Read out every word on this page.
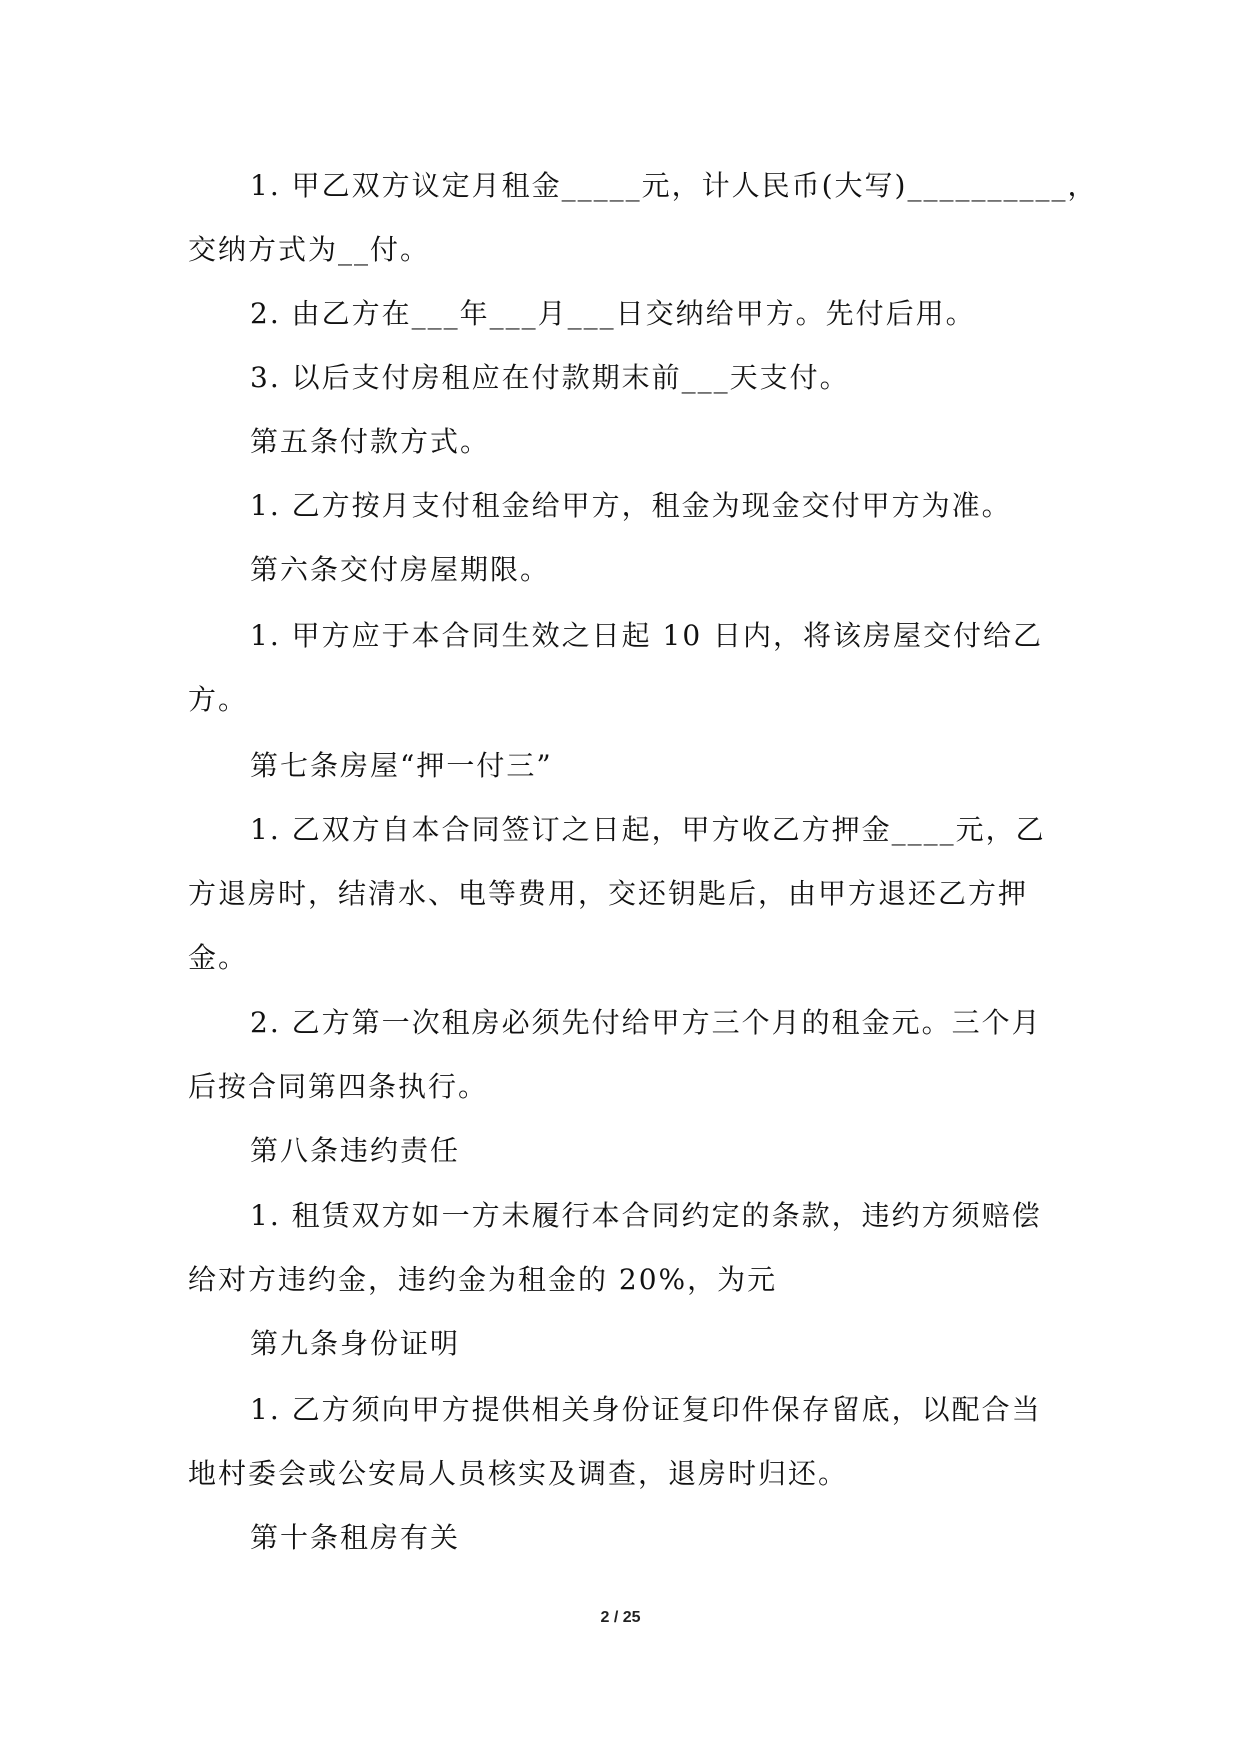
1. 甲乙双方议定月租金_____元，计人民币(大写)__________，
交纳方式为__付。
2. 由乙方在___年___月___日交纳给甲方。先付后用。
3. 以后支付房租应在付款期末前___天支付。
第五条付款方式。
1. 乙方按月支付租金给甲方，租金为现金交付甲方为准。
第六条交付房屋期限。
1. 甲方应于本合同生效之日起 10 日内，将该房屋交付给乙
方。
第七条房屋“押一付三”
1. 乙双方自本合同签订之日起，甲方收乙方押金____元，乙
方退房时，结清水、电等费用，交还钥匙后，由甲方退还乙方押
金。
2. 乙方第一次租房必须先付给甲方三个月的租金元。三个月
后按合同第四条执行。
第八条违约责任
1. 租赁双方如一方未履行本合同约定的条款，违约方须赔偿
给对方违约金，违约金为租金的 20%，为元
第九条身份证明
1. 乙方须向甲方提供相关身份证复印件保存留底，以配合当
地村委会或公安局人员核实及调查，退房时归还。
第十条租房有关
2 / 25
